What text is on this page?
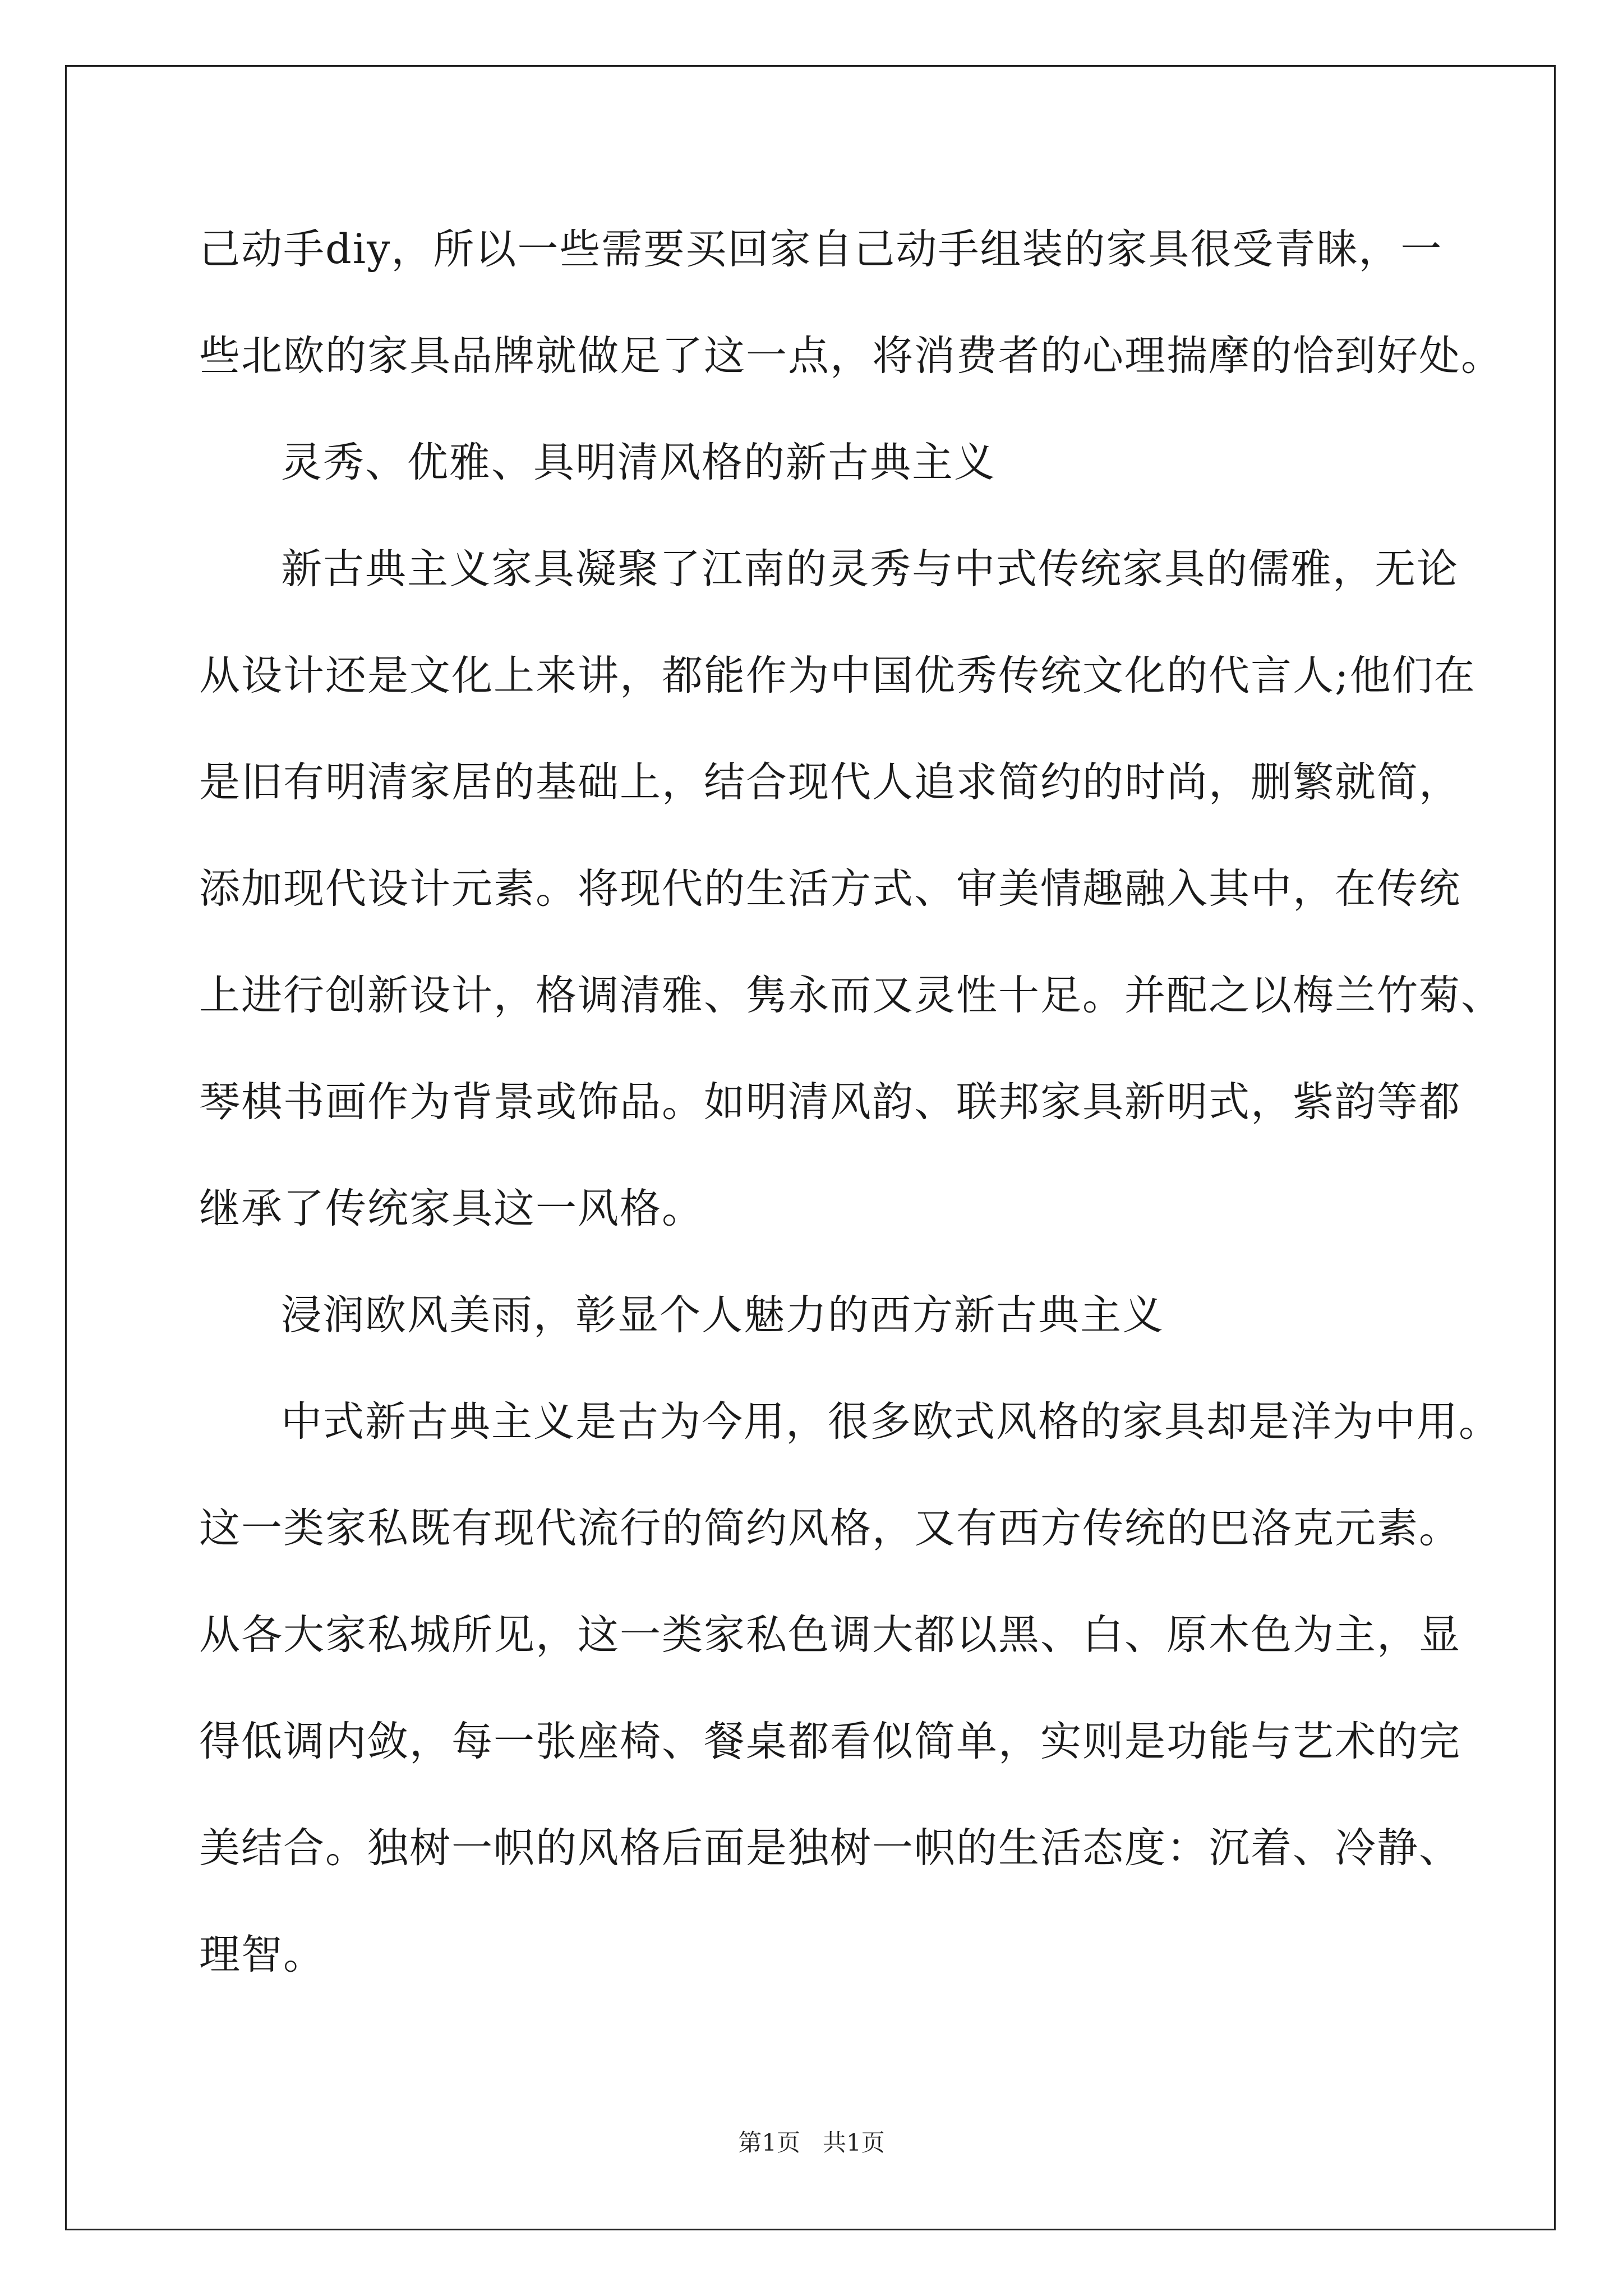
己动手diy，所以一些需要买回家自己动手组装的家具很受青睐，一
些北欧的家具品牌就做足了这一点，将消费者的心理揣摩的恰到好处。
灵秀、优雅、具明清风格的新古典主义
新古典主义家具凝聚了江南的灵秀与中式传统家具的儒雅，无论
从设计还是文化上来讲，都能作为中国优秀传统文化的代言人;他们在
是旧有明清家居的基础上，结合现代人追求简约的时尚，删繁就简，
添加现代设计元素。将现代的生活方式、审美情趣融入其中，在传统
上进行创新设计，格调清雅、隽永而又灵性十足。并配之以梅兰竹菊、
琴棋书画作为背景或饰品。如明清风韵、联邦家具新明式，紫韵等都
继承了传统家具这一风格。
浸润欧风美雨，彰显个人魅力的西方新古典主义
中式新古典主义是古为今用，很多欧式风格的家具却是洋为中用。
这一类家私既有现代流行的简约风格，又有西方传统的巴洛克元素。
从各大家私城所见，这一类家私色调大都以黑、白、原木色为主，显
得低调内敛，每一张座椅、餐桌都看似简单，实则是功能与艺术的完
美结合。独树一帜的风格后面是独树一帜的生活态度：沉着、冷静、
理智。
第1页 共1页
